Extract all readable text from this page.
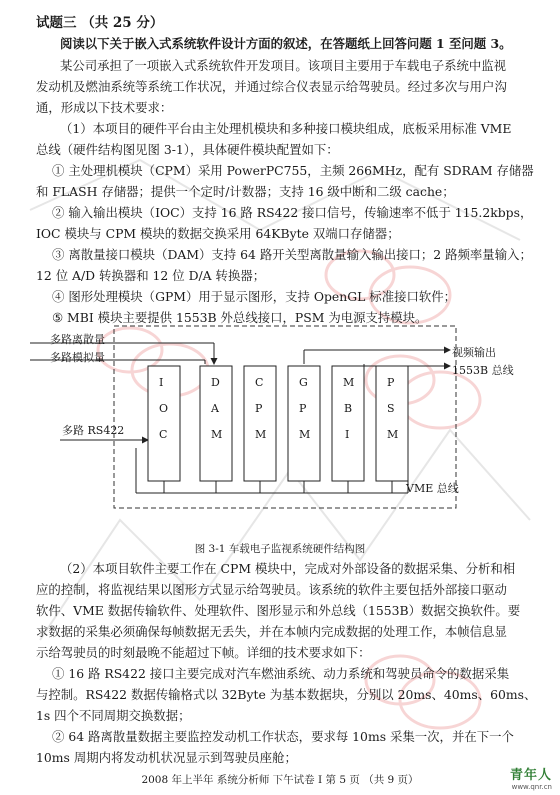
试题三 （共 25 分）

阅读以下关于嵌入式系统软件设计方面的叙述，在答题纸上回答问题 1 至问题 3。

某公司承担了一项嵌入式系统软件开发项目。该项目主要用于车载电子系统中监视

发动机及燃油系统等系统工作状况，并通过综合仪表显示给驾驶员。经过多次与用户沟

通，形成以下技术要求：

（1）本项目的硬件平台由主处理机模块和多种接口模块组成，底板采用标准 VME

总线（硬件结构图见图 3-1），具体硬件模块配置如下：

① 主处理机模块（CPM）采用 PowerPC755，主频 266MHz，配有 SDRAM 存储器

和 FLASH 存储器；提供一个定时/计数器；支持 16 级中断和二级 cache；

② 输入输出模块（IOC）支持 16 路 RS422 接口信号，传输速率不低于 115.2kbps，

IOC 模块与 CPM 模块的数据交换采用 64KByte 双端口存储器；

③ 离散量接口模块（DAM）支持 64 路开关型离散量输入输出接口；2 路频率量输入；

12 位 A/D 转换器和 12 位 D/A 转换器；

④ 图形处理模块（GPM）用于显示图形，支持 OpenGL 标准接口软件；

⑤ MBI 模块主要提供 1553B 外总线接口，PSM 为电源支持模块。

多路离散量
多路模拟量
多路 RS422
视频输出
1553B 总线
VME 总线
I
O
C
D
A
M
C
P
M
G
P
M
M
B
I
P
S
M
图 3-1 车载电子监视系统硬件结构图

（2）本项目软件主要工作在 CPM 模块中，完成对外部设备的数据采集、分析和相

应的控制，将监视结果以图形方式显示给驾驶员。该系统的软件主要包括外部接口驱动

软件、VME 数据传输软件、处理软件、图形显示和外总线（1553B）数据交换软件。要

求数据的采集必须确保每帧数据无丢失，并在本帧内完成数据的处理工作，本帧信息显

示给驾驶员的时刻最晚不能超过下帧。详细的技术要求如下：

① 16 路 RS422 接口主要完成对汽车燃油系统、动力系统和驾驶员命令的数据采集

与控制。RS422 数据传输格式以 32Byte 为基本数据块，分别以 20ms、40ms、60ms、

1s 四个不同周期交换数据；

② 64 路离散量数据主要监控发动机工作状态，要求每 10ms 采集一次，并在下一个

10ms 周期内将发动机状况显示到驾驶员座舱；

2008 年上半年 系统分析师 下午试卷 I 第 5 页 （共 9 页）	青年人
www.qnr.cn
